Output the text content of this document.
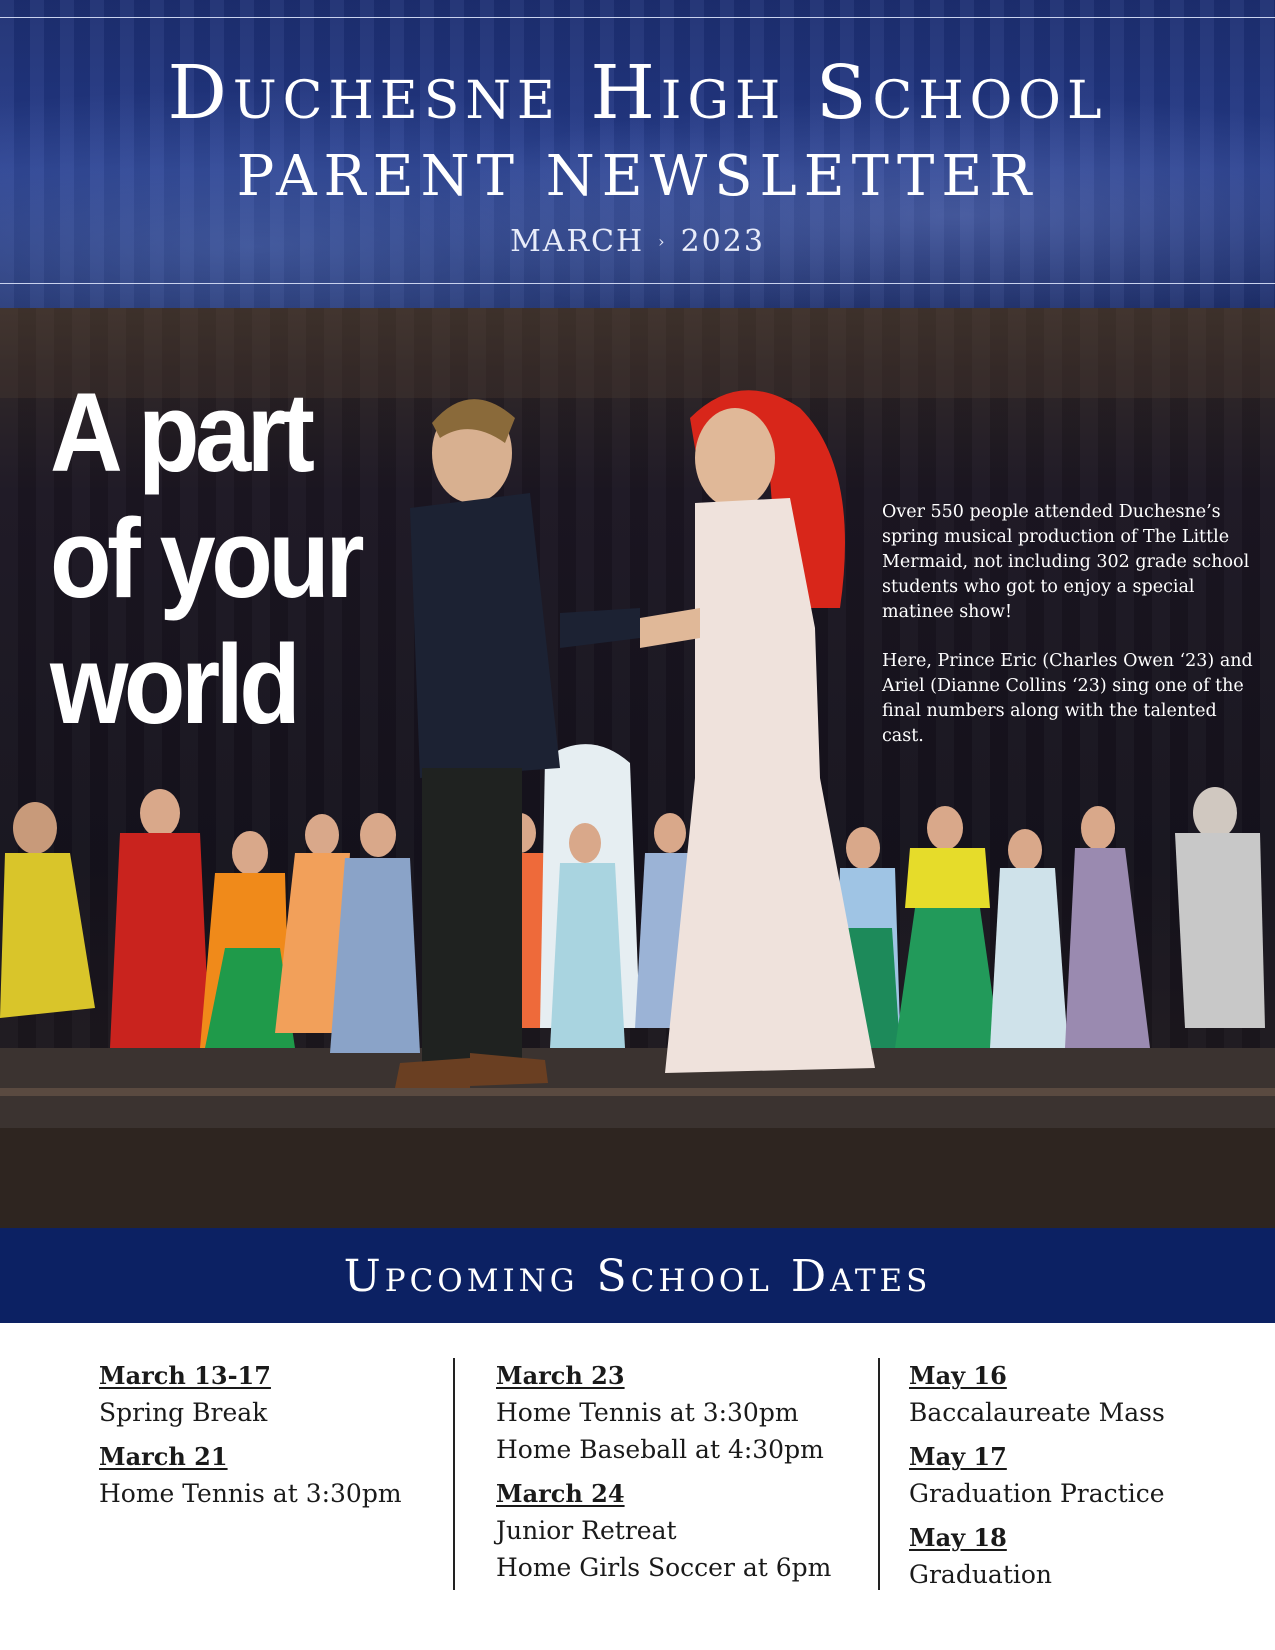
Duchesne High School
PARENT NEWSLETTER
MARCH › 2023
A part
of your
world

Over 550 people attended Duchesne’s spring musical production of The Little Mermaid, not including 302 grade school students who got to enjoy a special matinee show!

Here, Prince Eric (Charles Owen ‘23) and Ariel (Dianne Collins ‘23) sing one of the final numbers along with the talented cast.

Upcoming School Dates
March 13-17
Spring Break
March 21
Home Tennis at 3:30pm
March 23
Home Tennis at 3:30pm
Home Baseball at 4:30pm
March 24
Junior Retreat
Home Girls Soccer at 6pm
May 16
Baccalaureate Mass
May 17
Graduation Practice
May 18
Graduation
